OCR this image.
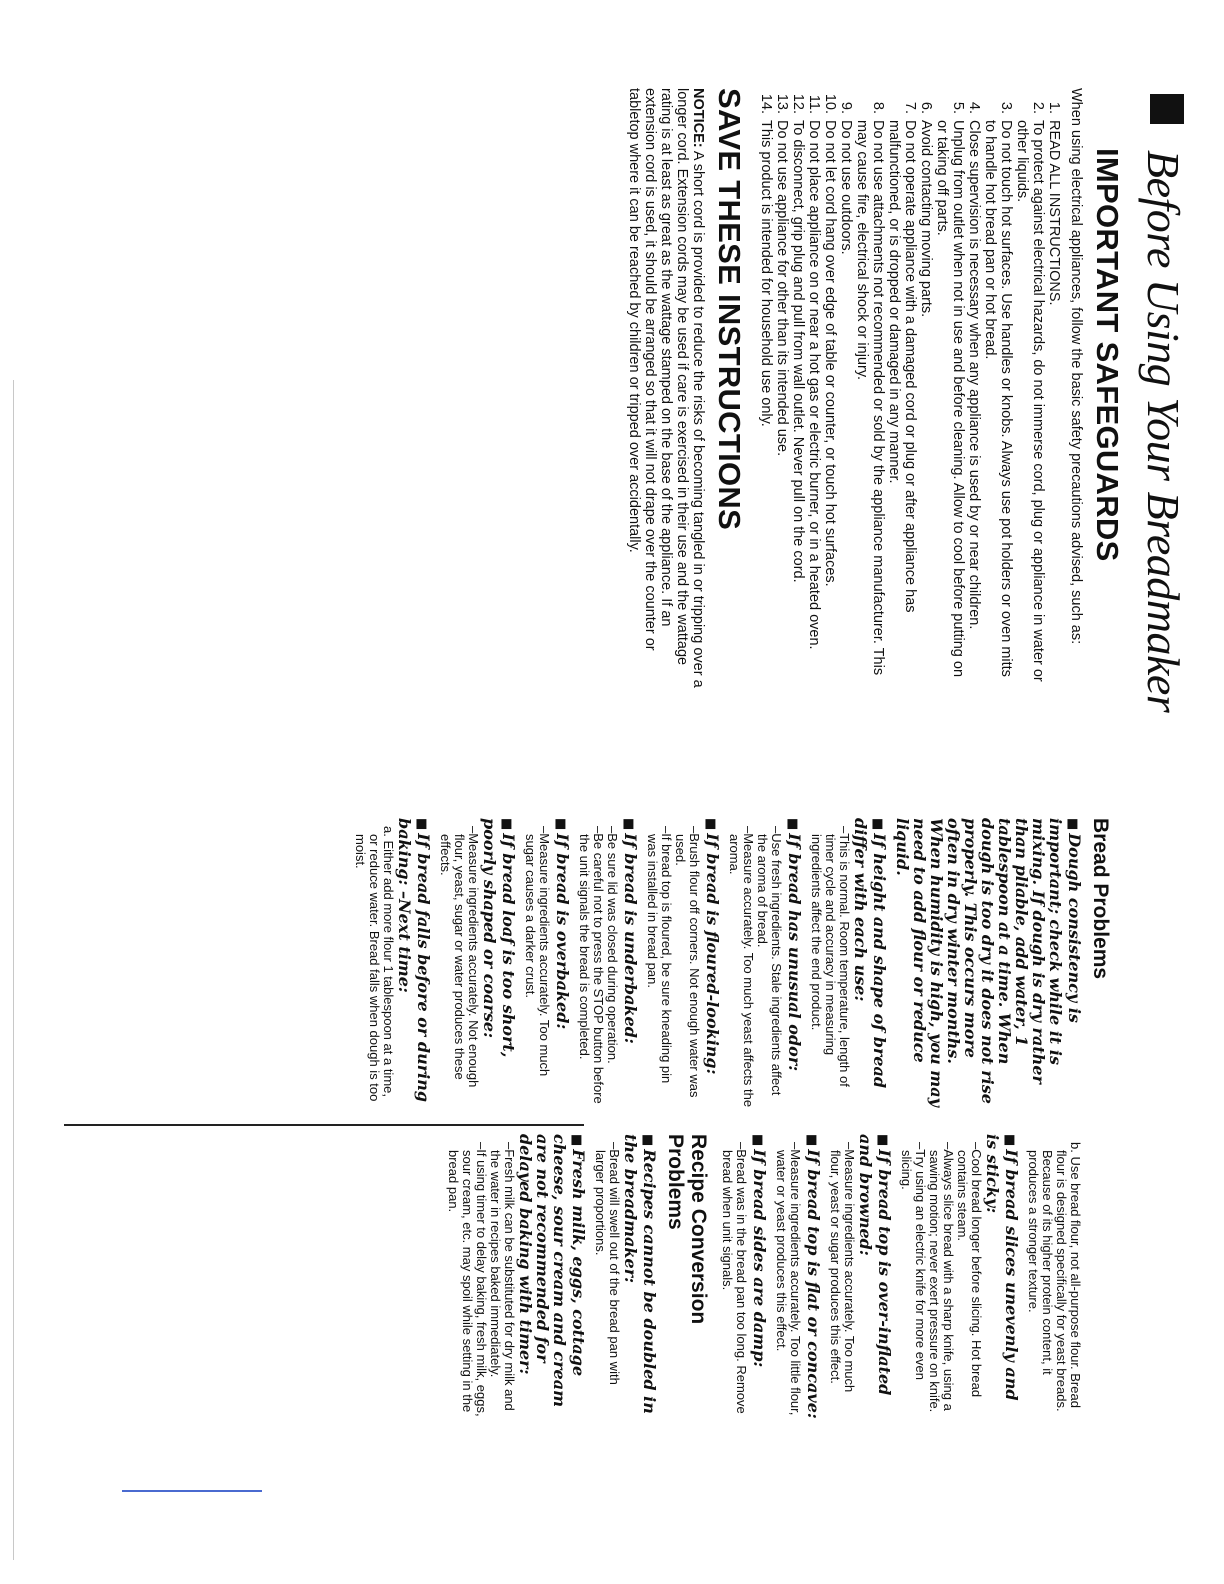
Before Using Your Breadmaker
IMPORTANT SAFEGUARDS

When using electrical appliances, follow the basic safety precautions advised, such as:

1.
READ ALL INSTRUCTIONS.
2.
To protect against electrical hazards, do not immerse cord, plug or appliance in water or other liquids.
3.
Do not touch hot surfaces. Use handles or knobs. Always use pot holders or oven mitts to handle hot bread pan or hot bread.
4.
Close supervision is necessary when any appliance is used by or near children.
5.
Unplug from outlet when not in use and before cleaning. Allow to cool before putting on or taking off parts.
6.
Avoid contacting moving parts.
7.
Do not operate appliance with a damaged cord or plug or after appliance has malfunctioned, or is dropped or damaged in any manner.
8.
Do not use attachments not recommended or sold by the appliance manufacturer. This may cause fire, electrical shock or injury.
9.
Do not use outdoors.
10.
Do not let cord hang over edge of table or counter, or touch hot surfaces.
11.
Do not place appliance on or near a hot gas or electric burner, or in a heated oven.
12.
To disconnect, grip plug and pull from wall outlet. Never pull on the cord.
13.
Do not use appliance for other than its intended use.
14.
This product is intended for household use only.
SAVE THESE INSTRUCTIONS

NOTICE: A short cord is provided to reduce the risks of becoming tangled in or tripping over a longer cord. Extension cords may be used if care is exercised in their use and the wattage rating is at least as great as the wattage stamped on the base of the appliance. If an extension cord is used, it should be arranged so that it will not drape over the counter or tabletop where it can be reached by children or tripped over accidentally.

Bread Problems

■Dough consistency is important; check while it is mixing. If dough is dry rather than pliable, add water, 1 tablespoon at a time. When dough is too dry it does not rise properly. This occurs more often in dry winter months. When humidity is high, you may need to add flour or reduce liquid.

■If height and shape of bread differ with each use:

–This is normal. Room temperature, length of timer cycle and accuracy in measuring ingredients affect the end product.

■If bread has unusual odor:

–Use fresh ingredients. Stale ingredients affect the aroma of bread.

–Measure accurately. Too much yeast affects the aroma.

■If bread is floured-looking:

–Brush flour off corners. Not enough water was used.

–If bread top is floured, be sure kneading pin was installed in bread pan.

■If bread is underbaked:

–Be sure lid was closed during operation.

–Be careful not to press the STOP button before the unit signals the bread is completed.

■If bread is overbaked:

–Measure ingredients accurately. Too much sugar causes a darker crust.

■If bread loaf is too short, poorly shaped or coarse:

–Measure ingredients accurately. Not enough flour, yeast, sugar or water produces these effects.

■If bread falls before or during baking: –Next time:

a. Either add more flour 1 tablespoon at a time, or reduce water. Bread falls when dough is too moist.

b. Use bread flour, not all-purpose flour. Bread flour is designed specifically for yeast breads. Because of its higher protein content, it produces a stronger texture.

■If bread slices unevenly and is sticky:

–Cool bread longer before slicing. Hot bread contains steam.

–Always slice bread with a sharp knife, using a sawing motion; never exert pressure on knife.

–Try using an electric knife for more even slicing.

■If bread top is over-inflated and browned:

–Measure ingredients accurately. Too much flour, yeast or sugar produces this effect.

■If bread top is flat or concave:

–Measure ingredients accurately. Too little flour, water or yeast produces this effect.

■If bread sides are damp:

–Bread was in the bread pan too long. Remove bread when unit signals.

Recipe Conversion Problems

■Recipes cannot be doubled in the breadmaker:

–Bread will swell out of the bread pan with larger proportions.

■Fresh milk, eggs, cottage cheese, sour cream and cream are not recommended for delayed baking with timer:

–Fresh milk can be substituted for dry milk and the water in recipes baked immediately.

–If using timer to delay baking, fresh milk, eggs, sour cream, etc. may spoil while setting in the bread pan.
